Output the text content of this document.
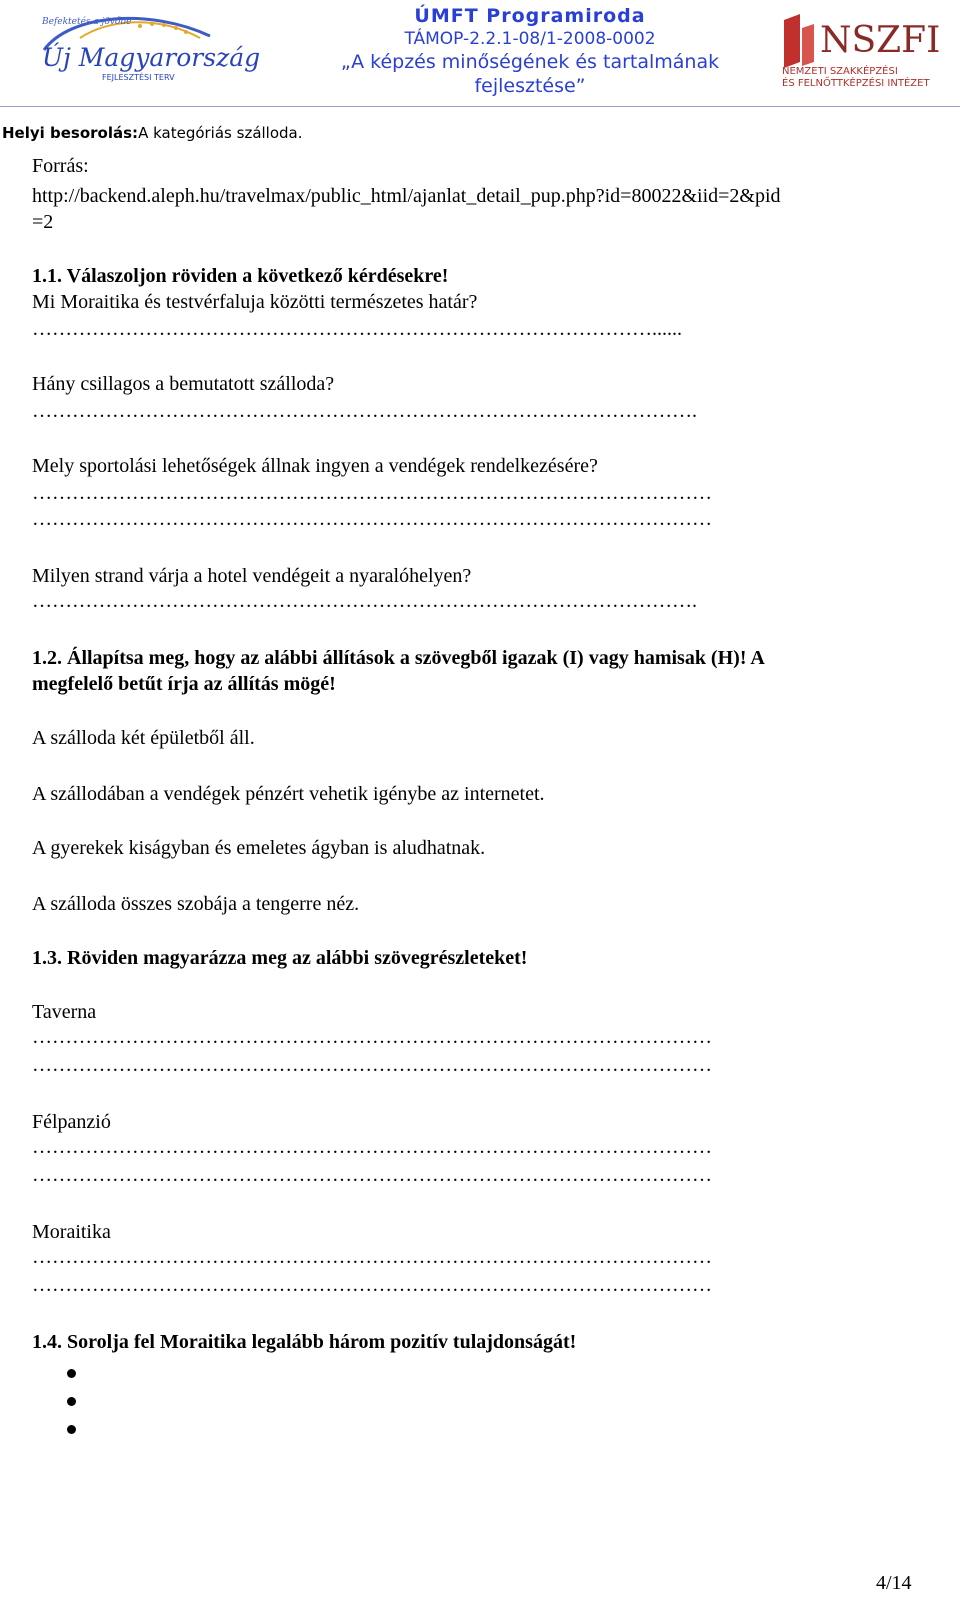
Befektetés a jövőbe
Új Magyarország
FEJLESZTÉSI TERV
ÚMFT Programiroda
TÁMOP-2.2.1-08/1-2008-0002
„A képzés minőségének és tartalmának
fejlesztése”
NSZFI
NEMZETI SZAKKÉPZÉSI
ÉS FELNŐTTKÉPZÉSI INTÉZET
Helyi besorolás:A kategóriás szálloda.
Forrás:
http://backend.aleph.hu/travelmax/public_html/ajanlat_detail_pup.php?id=80022&iid=2&pid
=2
1.1. Válaszoljon röviden a következő kérdésekre!
Mi Moraitika és testvérfaluja közötti természetes határ?
…………………………………………………………………………………......
Hány csillagos a bemutatott szálloda?
……………………………………………………………………………………….
Mely sportolási lehetőségek állnak ingyen a vendégek rendelkezésére?
…………………………………………………………………………………………
…………………………………………………………………………………………
Milyen strand várja a hotel vendégeit a nyaralóhelyen?
……………………………………………………………………………………….
1.2. Állapítsa meg, hogy az alábbi állítások a szövegből igazak (I) vagy hamisak (H)! A
megfelelő betűt írja az állítás mögé!
A szálloda két épületből áll.
A szállodában a vendégek pénzért vehetik igénybe az internetet.
A gyerekek kiságyban és emeletes ágyban is aludhatnak.
A szálloda összes szobája a tengerre néz.
1.3. Röviden magyarázza meg az alábbi szövegrészleteket!
Taverna
…………………………………………………………………………………………
…………………………………………………………………………………………
Félpanzió
…………………………………………………………………………………………
…………………………………………………………………………………………
Moraitika
…………………………………………………………………………………………
…………………………………………………………………………………………
1.4. Sorolja fel Moraitika legalább három pozitív tulajdonságát!
4/14
